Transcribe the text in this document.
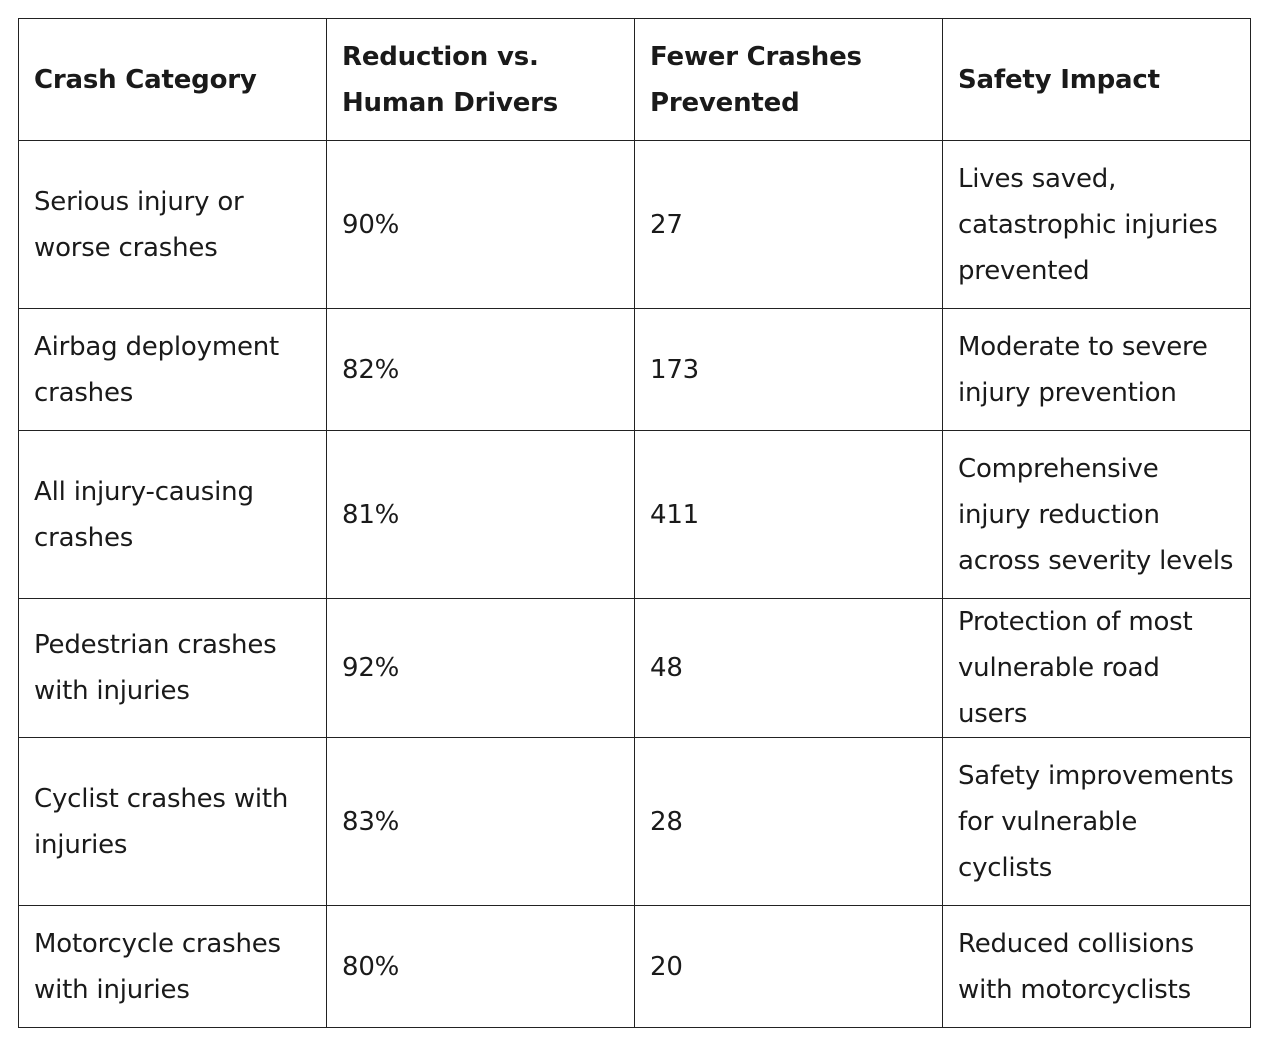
Crash Category	Reduction vs. Human Drivers	Fewer Crashes Prevented	Safety Impact
Serious injury or worse crashes	90%	27	Lives saved, catastrophic injuries prevented
Airbag deployment crashes	82%	173	Moderate to severe injury prevention
All injury-causing crashes	81%	411	Comprehensive injury reduction across severity levels
Pedestrian crashes with injuries	92%	48	Protection of most vulnerable road users
Cyclist crashes with injuries	83%	28	Safety improvements for vulnerable cyclists
Motorcycle crashes with injuries	80%	20	Reduced collisions with motorcyclists
